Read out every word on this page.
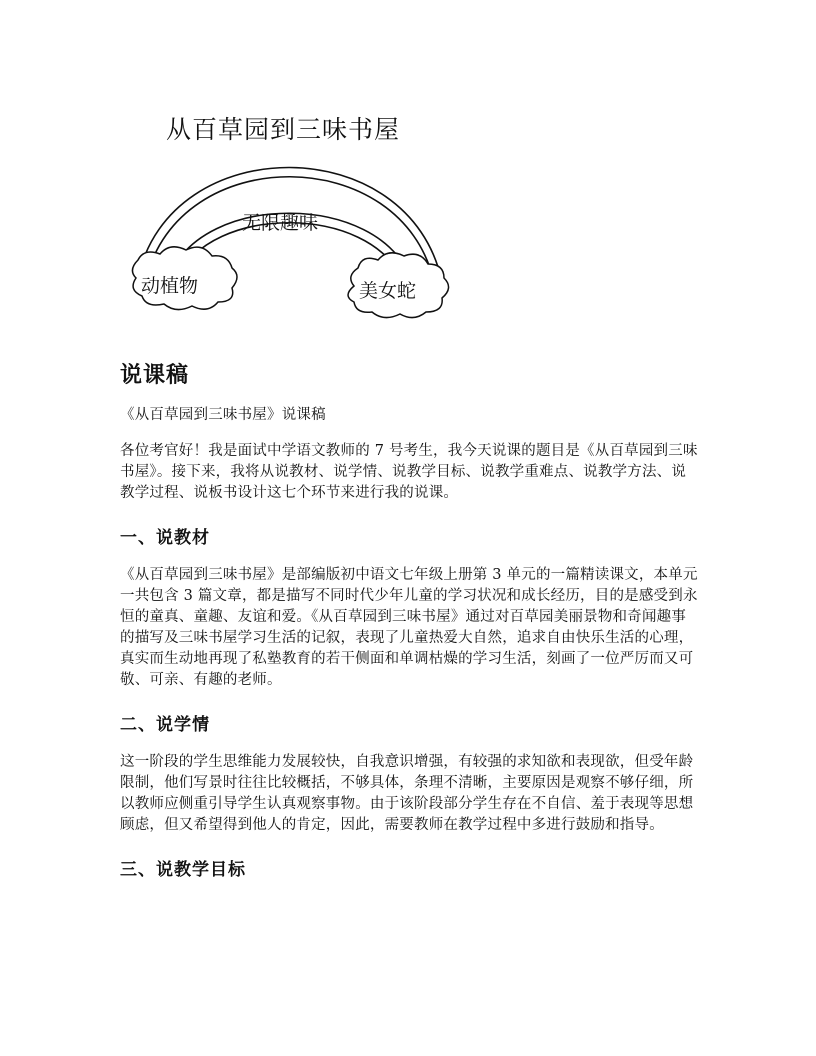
从百草园到三味书屋
无限趣味
动植物	美女蛇
说课稿

《从百草园到三味书屋》说课稿

各位考官好！我是面试中学语文教师的 7 号考生，我今天说课的题目是《从百草园到三味书屋》。接下来，我将从说教材、说学情、说教学目标、说教学重难点、说教学方法、说教学过程、说板书设计这七个环节来进行我的说课。

一、说教材

《从百草园到三味书屋》是部编版初中语文七年级上册第 3 单元的一篇精读课文，本单元一共包含 3 篇文章，都是描写不同时代少年儿童的学习状况和成长经历，目的是感受到永恒的童真、童趣、友谊和爱。《从百草园到三味书屋》通过对百草园美丽景物和奇闻趣事的描写及三味书屋学习生活的记叙，表现了儿童热爱大自然，追求自由快乐生活的心理，真实而生动地再现了私塾教育的若干侧面和单调枯燥的学习生活，刻画了一位严厉而又可敬、可亲、有趣的老师。

二、说学情

这一阶段的学生思维能力发展较快，自我意识增强，有较强的求知欲和表现欲，但受年龄限制，他们写景时往往比较概括，不够具体，条理不清晰，主要原因是观察不够仔细，所以教师应侧重引导学生认真观察事物。由于该阶段部分学生存在不自信、羞于表现等思想顾虑，但又希望得到他人的肯定，因此，需要教师在教学过程中多进行鼓励和指导。

三、说教学目标
